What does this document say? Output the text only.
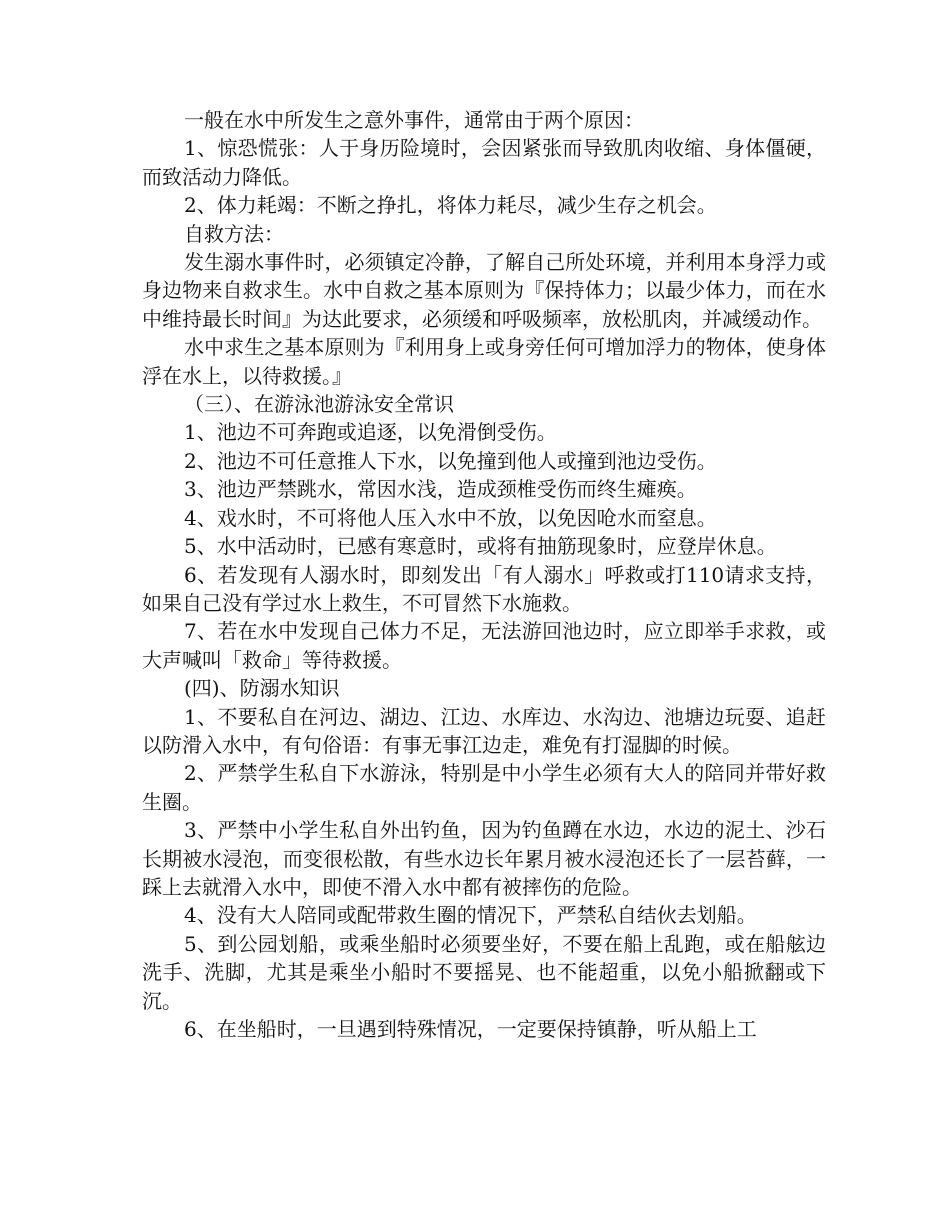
一般在水中所发生之意外事件，通常由于两个原因：

1、惊恐慌张：人于身历险境时，会因紧张而导致肌肉收缩、身体僵硬，而致活动力降低。

2、体力耗竭：不断之挣扎，将体力耗尽，减少生存之机会。

自救方法：

发生溺水事件时，必须镇定冷静，了解自己所处环境，并利用本身浮力或身边物来自救求生。水中自救之基本原则为『保持体力；以最少体力，而在水中维持最长时间』为达此要求，必须缓和呼吸频率，放松肌肉，并减缓动作。

水中求生之基本原则为『利用身上或身旁任何可增加浮力的物体，使身体浮在水上，以待救援。』

（三）、在游泳池游泳安全常识

1、池边不可奔跑或追逐，以免滑倒受伤。

2、池边不可任意推人下水，以免撞到他人或撞到池边受伤。

3、池边严禁跳水，常因水浅，造成颈椎受伤而终生瘫痪。

4、戏水时，不可将他人压入水中不放，以免因呛水而窒息。

5、水中活动时，已感有寒意时，或将有抽筋现象时，应登岸休息。

6、若发现有人溺水时，即刻发出「有人溺水」呼救或打110请求支持，如果自己没有学过水上救生，不可冒然下水施救。

7、若在水中发现自己体力不足，无法游回池边时，应立即举手求救，或大声喊叫「救命」等待救援。

(四)、防溺水知识

1、不要私自在河边、湖边、江边、水库边、水沟边、池塘边玩耍、追赶以防滑入水中，有句俗语：有事无事江边走，难免有打湿脚的时候。

2、严禁学生私自下水游泳，特别是中小学生必须有大人的陪同并带好救生圈。

3、严禁中小学生私自外出钓鱼，因为钓鱼蹲在水边，水边的泥土、沙石长期被水浸泡，而变很松散，有些水边长年累月被水浸泡还长了一层苔藓，一踩上去就滑入水中，即使不滑入水中都有被摔伤的危险。

4、没有大人陪同或配带救生圈的情况下，严禁私自结伙去划船。

5、到公园划船，或乘坐船时必须要坐好，不要在船上乱跑，或在船舷边洗手、洗脚，尤其是乘坐小船时不要摇晃、也不能超重，以免小船掀翻或下沉。

6、在坐船时，一旦遇到特殊情况，一定要保持镇静，听从船上工
